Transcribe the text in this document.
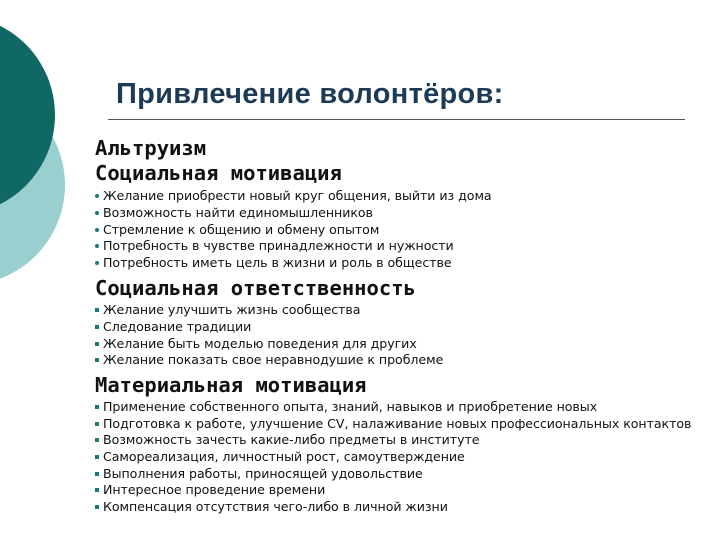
Привлечение волонтёров:
Альтруизм
Социальная мотивация
Желание приобрести новый круг общения, выйти из дома
Возможность найти единомышленников
Стремление к общению и обмену опытом
Потребность в чувстве принадлежности и нужности
Потребность иметь цель в жизни и роль в обществе
Социальная ответственность
Желание улучшить жизнь сообщества
Следование традиции
Желание быть моделью поведения для других
Желание показать свое неравнодушие к проблеме
Материальная мотивация
Применение собственного опыта, знаний, навыков и приобретение новых
Подготовка к работе, улучшение CV, налаживание новых профессиональных контактов
Возможность зачесть какие-либо предметы в институте
Самореализация, личностный рост, самоутверждение
Выполнения работы, приносящей удовольствие
Интересное проведение времени
Компенсация отсутствия чего-либо в личной жизни
